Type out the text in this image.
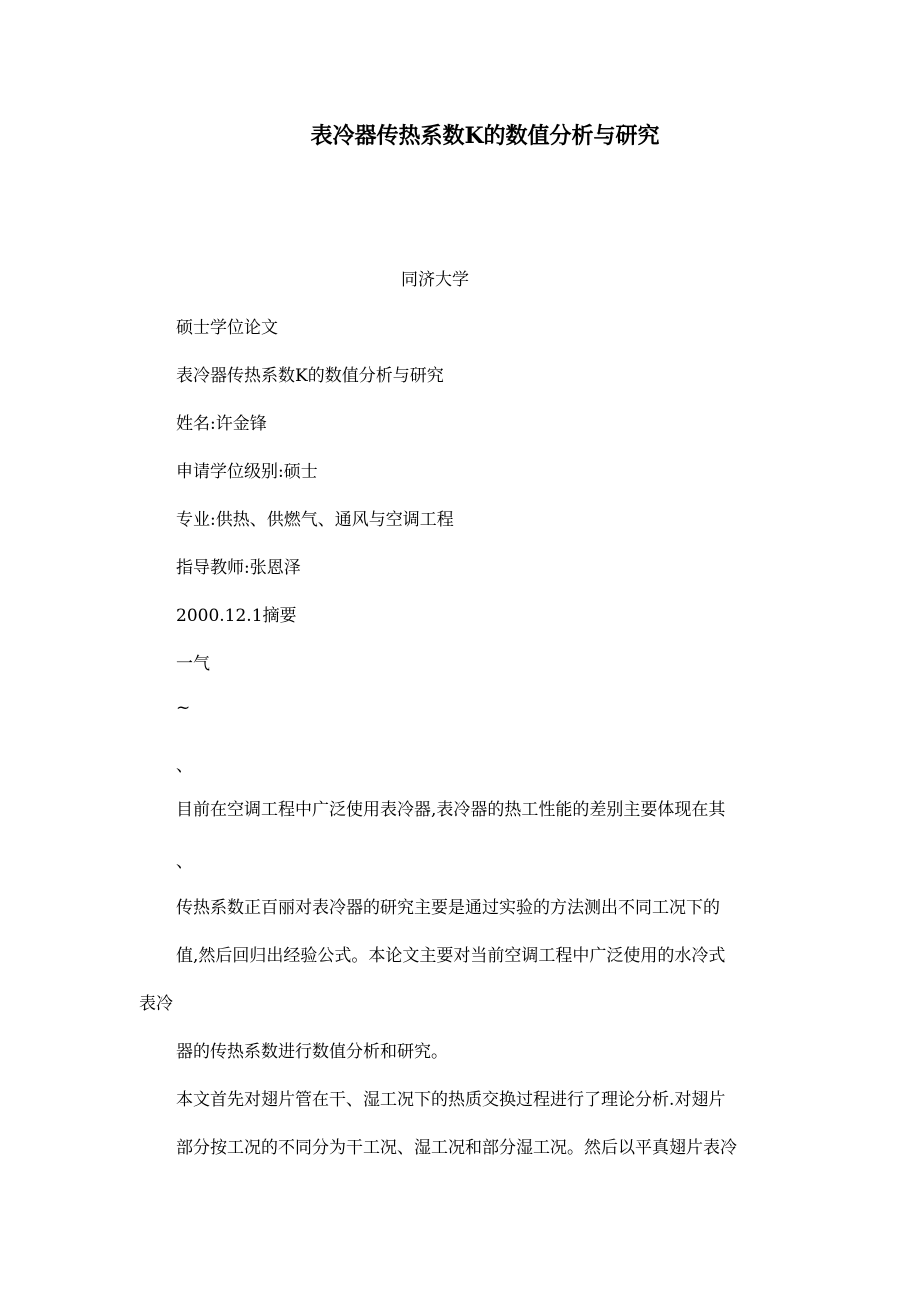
表冷器传热系数K的数值分析与研究
同济大学
硕士学位论文
表冷器传热系数K的数值分析与研究
姓名:许金锋
申请学位级别:硕士
专业:供热、供燃气、通风与空调工程
指导教师:张恩泽
2000.12.1摘要
一气
~
、
目前在空调工程中广泛使用表冷器,表冷器的热工性能的差别主要体现在其
、
传热系数正百丽对表冷器的研究主要是通过实验的方法测出不同工况下的
值,然后回归出经验公式。本论文主要对当前空调工程中广泛使用的水冷式
表冷
器的传热系数进行数值分析和研究。
本文首先对翅片管在干、湿工况下的热质交换过程进行了理论分析.对翅片
部分按工况的不同分为干工况、湿工况和部分湿工况。然后以平真翅片表冷
